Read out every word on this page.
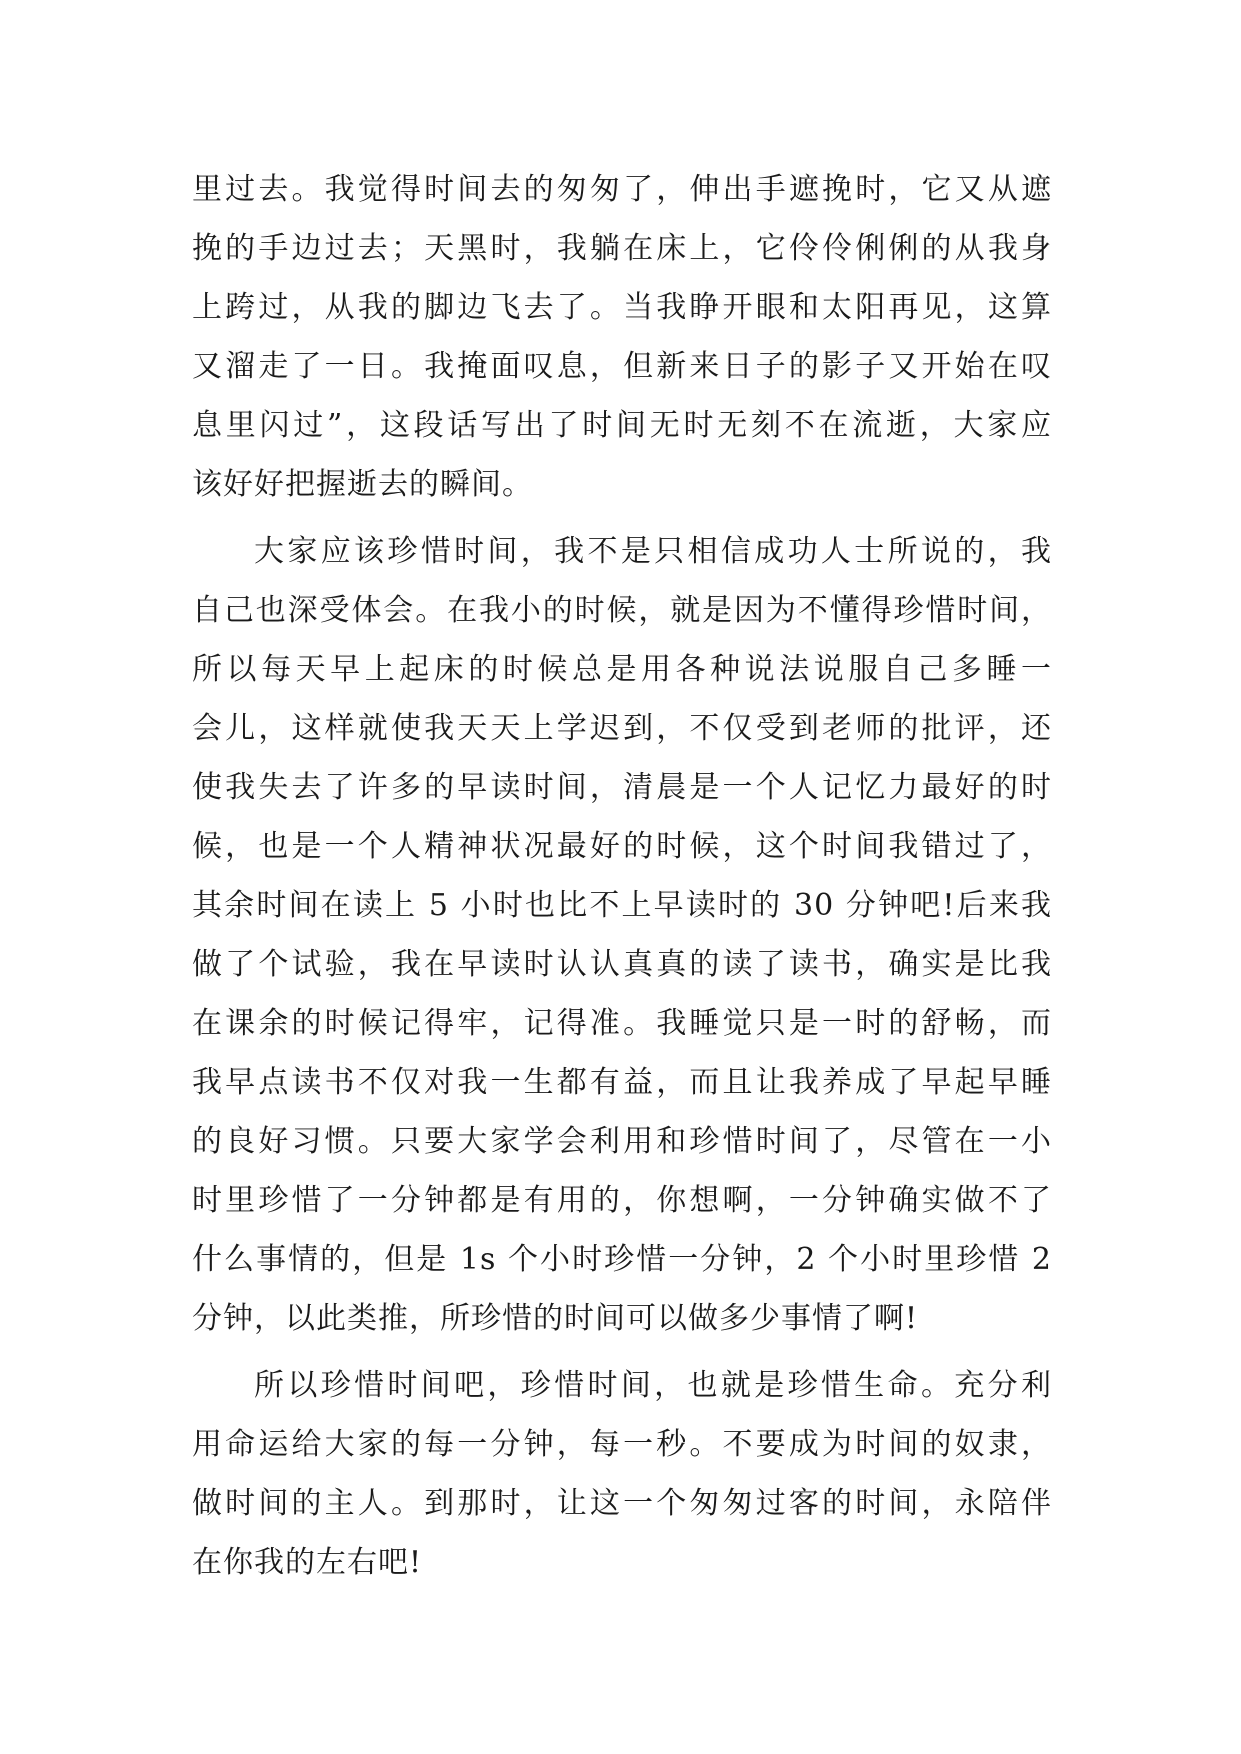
里过去。我觉得时间去的匆匆了，伸出手遮挽时，它又从遮
挽的手边过去；天黑时，我躺在床上，它伶伶俐俐的从我身
上跨过，从我的脚边飞去了。当我睁开眼和太阳再见，这算
又溜走了一日。我掩面叹息，但新来日子的影子又开始在叹
息里闪过”，这段话写出了时间无时无刻不在流逝，大家应
该好好把握逝去的瞬间。
大家应该珍惜时间，我不是只相信成功人士所说的，我
自己也深受体会。在我小的时候，就是因为不懂得珍惜时间，
所以每天早上起床的时候总是用各种说法说服自己多睡一
会儿，这样就使我天天上学迟到，不仅受到老师的批评，还
使我失去了许多的早读时间，清晨是一个人记忆力最好的时
候，也是一个人精神状况最好的时候，这个时间我错过了，
其余时间在读上 5 小时也比不上早读时的 30 分钟吧!后来我
做了个试验，我在早读时认认真真的读了读书，确实是比我
在课余的时候记得牢，记得准。我睡觉只是一时的舒畅，而
我早点读书不仅对我一生都有益，而且让我养成了早起早睡
的良好习惯。只要大家学会利用和珍惜时间了，尽管在一小
时里珍惜了一分钟都是有用的，你想啊，一分钟确实做不了
什么事情的，但是 1s 个小时珍惜一分钟，2 个小时里珍惜 2
分钟，以此类推，所珍惜的时间可以做多少事情了啊!
所以珍惜时间吧，珍惜时间，也就是珍惜生命。充分利
用命运给大家的每一分钟，每一秒。不要成为时间的奴隶，
做时间的主人。到那时，让这一个匆匆过客的时间，永陪伴
在你我的左右吧!
